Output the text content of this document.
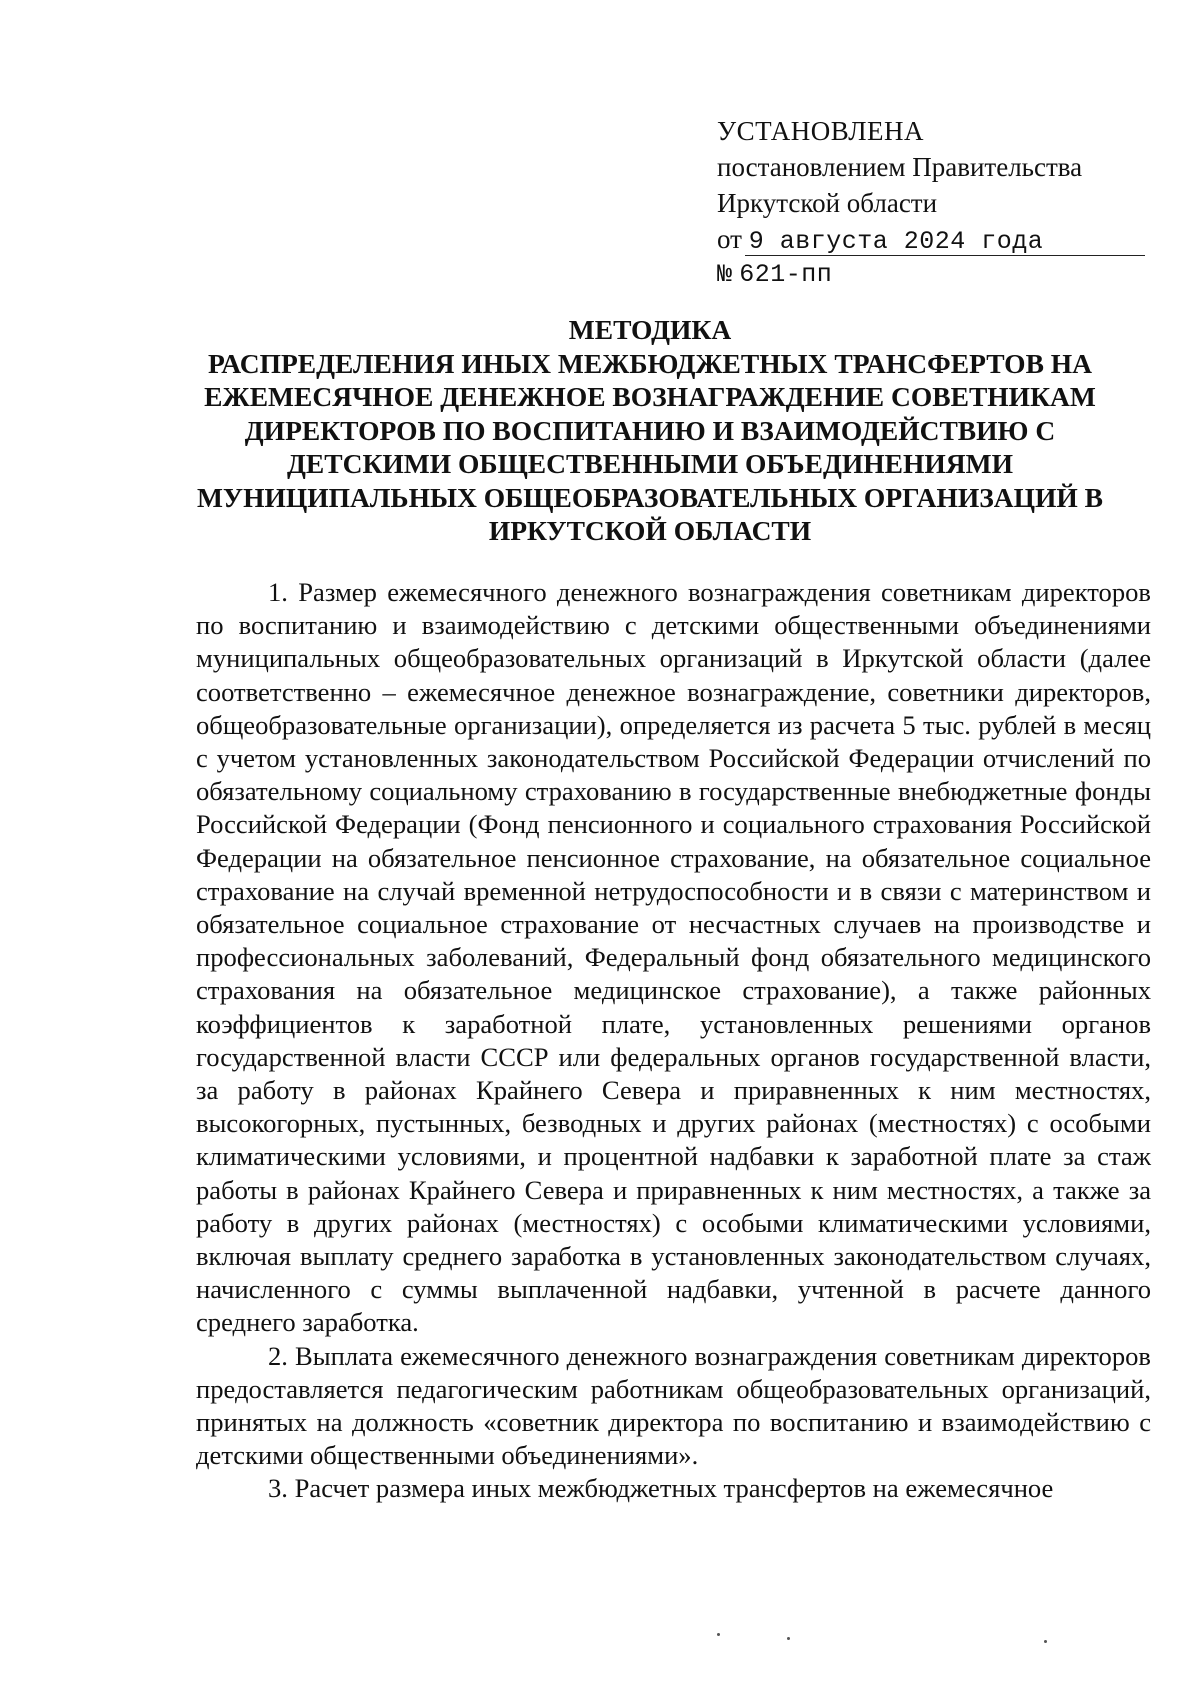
УСТАНОВЛЕНА
постановлением Правительства
Иркутской области
от 9 августа 2024 года
№ 621-пп
МЕТОДИКА
РАСПРЕДЕЛЕНИЯ ИНЫХ МЕЖБЮДЖЕТНЫХ ТРАНСФЕРТОВ НА
ЕЖЕМЕСЯЧНОЕ ДЕНЕЖНОЕ ВОЗНАГРАЖДЕНИЕ СОВЕТНИКАМ
ДИРЕКТОРОВ ПО ВОСПИТАНИЮ И ВЗАИМОДЕЙСТВИЮ С
ДЕТСКИМИ ОБЩЕСТВЕННЫМИ ОБЪЕДИНЕНИЯМИ
МУНИЦИПАЛЬНЫХ ОБЩЕОБРАЗОВАТЕЛЬНЫХ ОРГАНИЗАЦИЙ В
ИРКУТСКОЙ ОБЛАСТИ

1. Размер ежемесячного денежного вознаграждения советникам директоров по воспитанию и взаимодействию с детскими общественными объединениями муниципальных общеобразовательных организаций в Иркутской области (далее соответственно – ежемесячное денежное вознаграждение, советники директоров, общеобразовательные организации), определяется из расчета 5 тыс. рублей в месяц с учетом установленных законодательством Российской Федерации отчислений по обязательному социальному страхованию в государственные внебюджетные фонды Российской Федерации (Фонд пенсионного и социального страхования Российской Федерации на обязательное пенсионное страхование, на обязательное социальное страхование на случай временной нетрудоспособности и в связи с материнством и обязательное социальное страхование от несчастных случаев на производстве и профессиональных заболеваний, Федеральный фонд обязательного медицинского страхования на обязательное медицинское страхование), а также районных коэффициентов к заработной плате, установленных решениями органов государственной власти СССР или федеральных органов государственной власти, за работу в районах Крайнего Севера и приравненных к ним местностях, высокогорных, пустынных, безводных и других районах (местностях) с особыми климатическими условиями, и процентной надбавки к заработной плате за стаж работы в районах Крайнего Севера и приравненных к ним местностях, а также за работу в других районах (местностях) с особыми климатическими условиями, включая выплату среднего заработка в установленных законодательством случаях, начисленного с суммы выплаченной надбавки, учтенной в расчете данного среднего заработка.

2. Выплата ежемесячного денежного вознаграждения советникам директоров предоставляется педагогическим работникам общеобразовательных организаций, принятых на должность «советник директора по воспитанию и взаимодействию с детскими общественными объединениями».

3. Расчет размера иных межбюджетных трансфертов на ежемесячное
